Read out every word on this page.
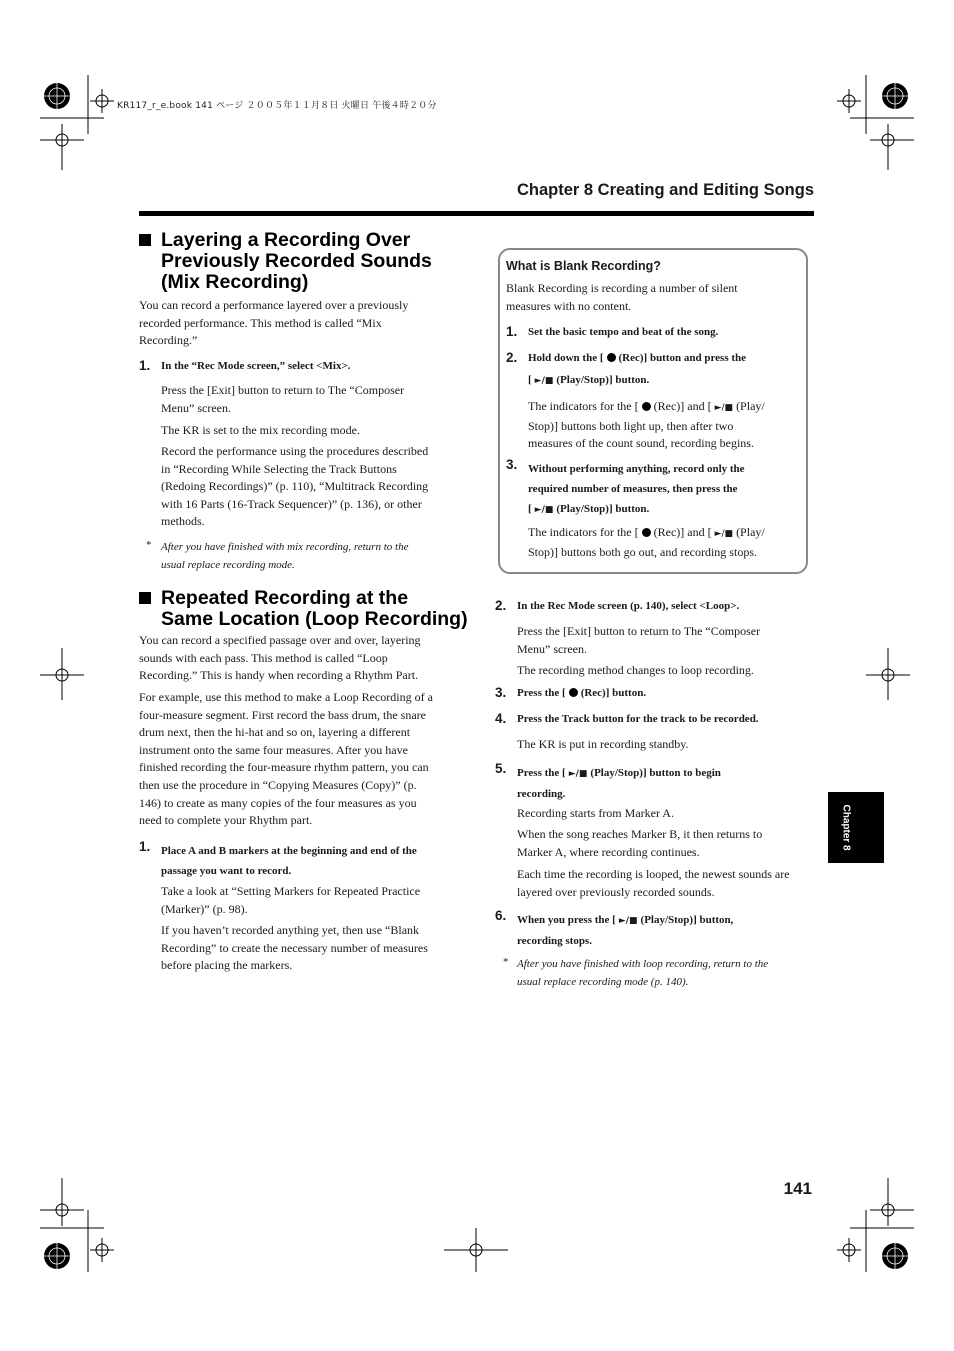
KR117_r_e.book 141 ページ ２００５年１１月８日 火曜日 午後４時２０分
Chapter 8 Creating and Editing Songs
Layering a Recording Over
Previously Recorded Sounds
(Mix Recording)
You can record a performance layered over a previously
recorded performance. This method is called “Mix
Recording.”
1. In the “Rec Mode screen,” select <Mix>.
Press the [Exit] button to return to The “Composer
Menu” screen.
The KR is set to the mix recording mode.
Record the performance using the procedures described
in “Recording While Selecting the Track Buttons
(Redoing Recordings)” (p. 110), “Multitrack Recording
with 16 Parts (16-Track Sequencer)” (p. 136), or other
methods.
* After you have finished with mix recording, return to the
usual replace recording mode.
Repeated Recording at the
Same Location (Loop Recording)
You can record a specified passage over and over, layering
sounds with each pass. This method is called “Loop
Recording.” This is handy when recording a Rhythm Part.
For example, use this method to make a Loop Recording of a
four-measure segment. First record the bass drum, the snare
drum next, then the hi-hat and so on, layering a different
instrument onto the same four measures. After you have
finished recording the four-measure rhythm pattern, you can
then use the procedure in “Copying Measures (Copy)” (p.
146) to create as many copies of the four measures as you
need to complete your Rhythm part.
1. Place A and B markers at the beginning and end of the
passage you want to record.
Take a look at “Setting Markers for Repeated Practice
(Marker)” (p. 98).
If you haven’t recorded anything yet, then use “Blank
Recording” to create the necessary number of measures
before placing the markers.
What is Blank Recording?
Blank Recording is recording a number of silent
measures with no content.
1. Set the basic tempo and beat of the song.
2. Hold down the [ (Rec)] button and press the
[ ►/■ (Play/Stop)] button.
The indicators for the [ (Rec)] and [ ►/■ (Play/
Stop)] buttons both light up, then after two
measures of the count sound, recording begins.
3. Without performing anything, record only the
required number of measures, then press the
[ ►/■ (Play/Stop)] button.
The indicators for the [ (Rec)] and [ ►/■ (Play/
Stop)] buttons both go out, and recording stops.
2. In the Rec Mode screen (p. 140), select <Loop>.
Press the [Exit] button to return to The “Composer
Menu” screen.
The recording method changes to loop recording.
3. Press the [ (Rec)] button.
4. Press the Track button for the track to be recorded.
The KR is put in recording standby.
5. Press the [ ►/■ (Play/Stop)] button to begin
recording.
Recording starts from Marker A.
When the song reaches Marker B, it then returns to
Marker A, where recording continues.
Each time the recording is looped, the newest sounds are
layered over previously recorded sounds.
6. When you press the [ ►/■ (Play/Stop)] button,
recording stops.
* After you have finished with loop recording, return to the
usual replace recording mode (p. 140).
Chapter 8
141
